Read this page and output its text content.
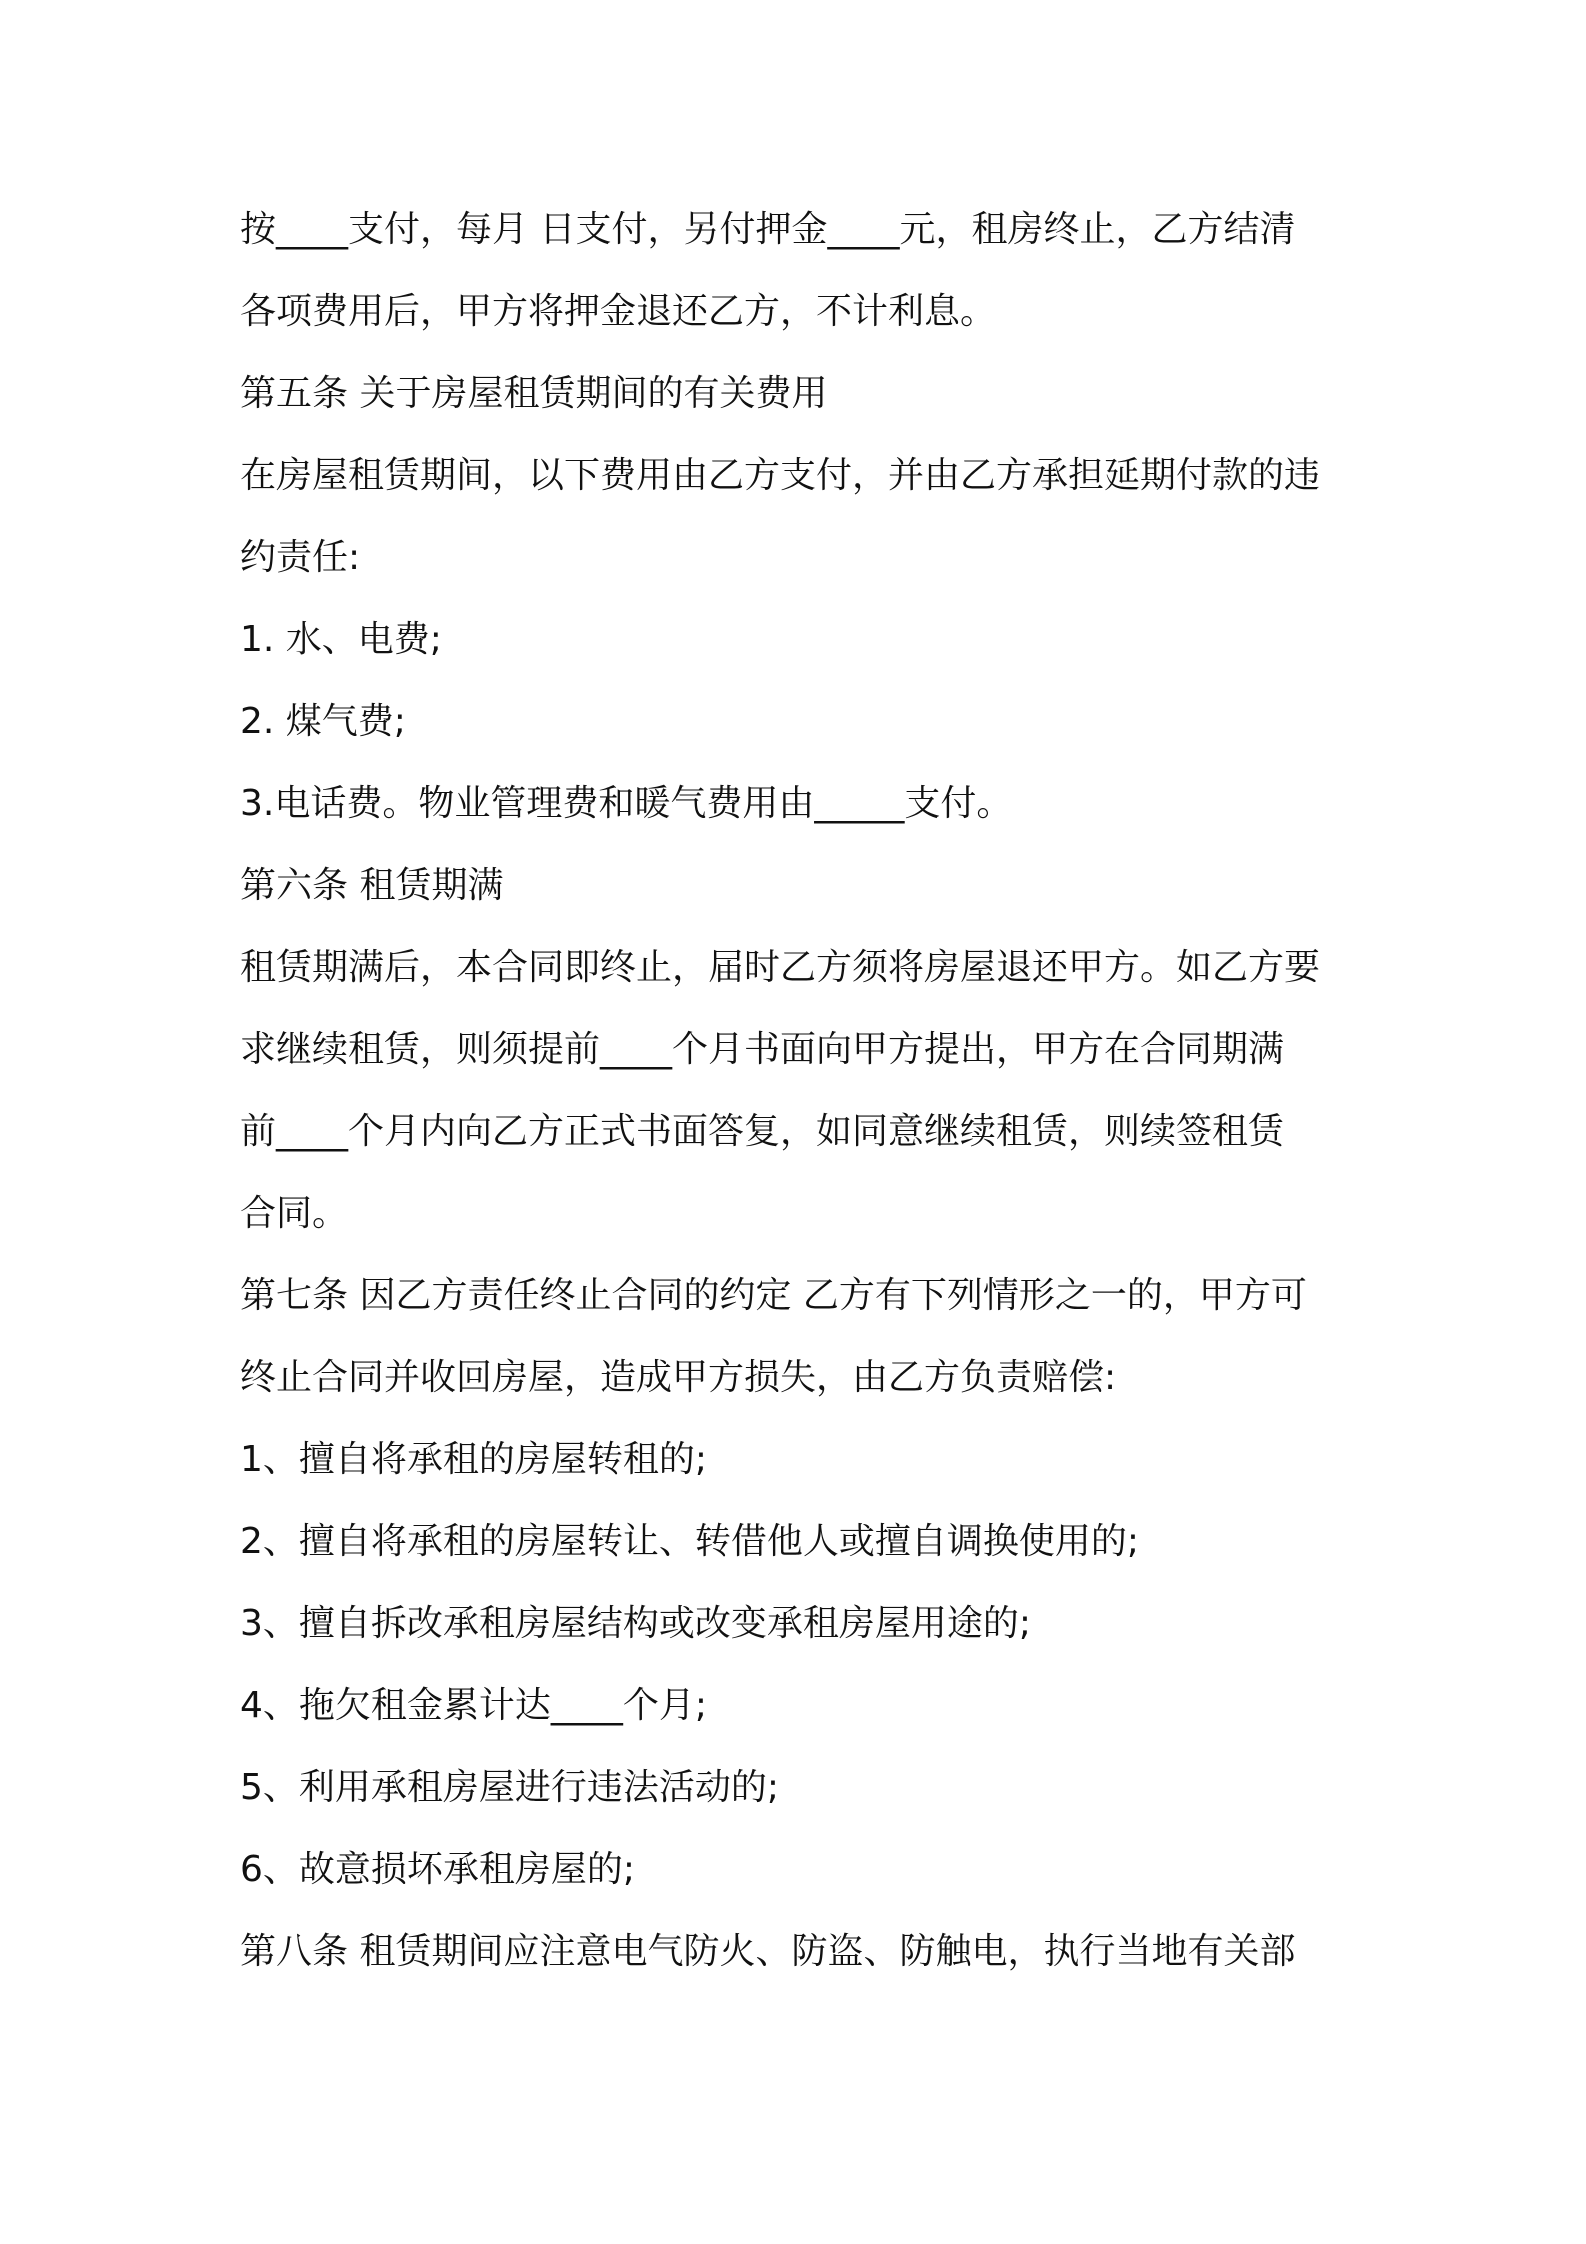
按____支付，每月 日支付，另付押金____元，租房终止，乙方结清
各项费用后，甲方将押金退还乙方，不计利息。
第五条 关于房屋租赁期间的有关费用
在房屋租赁期间，以下费用由乙方支付，并由乙方承担延期付款的违
约责任:
1. 水、电费;
2. 煤气费;
3.电话费。物业管理费和暖气费用由_____支付。
第六条 租赁期满
租赁期满后，本合同即终止，届时乙方须将房屋退还甲方。如乙方要
求继续租赁，则须提前____个月书面向甲方提出，甲方在合同期满
前____个月内向乙方正式书面答复，如同意继续租赁，则续签租赁
合同。
第七条 因乙方责任终止合同的约定 乙方有下列情形之一的，甲方可
终止合同并收回房屋，造成甲方损失，由乙方负责赔偿:
1、擅自将承租的房屋转租的;
2、擅自将承租的房屋转让、转借他人或擅自调换使用的;
3、擅自拆改承租房屋结构或改变承租房屋用途的;
4、拖欠租金累计达____个月;
5、利用承租房屋进行违法活动的;
6、故意损坏承租房屋的;
第八条 租赁期间应注意电气防火、防盗、防触电，执行当地有关部
